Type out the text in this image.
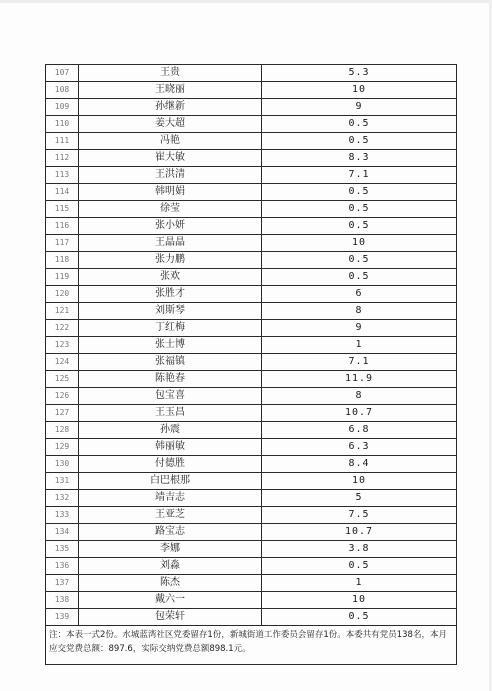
107	王贵	5.3
108	王晓丽	10
109	孙继新	9
110	姜大超	0.5
111	冯艳	0.5
112	崔大敏	8.3
113	王洪清	7.1
114	韩明娟	0.5
115	徐莹	0.5
116	张小妍	0.5
117	王晶晶	10
118	张力鹏	0.5
119	张欢	0.5
120	张胜才	6
121	刘斯琴	8
122	丁红梅	9
123	张士博	1
124	张福镇	7.1
125	陈艳春	11.9
126	包宝喜	8
127	王玉昌	10.7
128	孙震	6.8
129	韩丽敏	6.3
130	付德胜	8.4
131	白巴根那	10
132	靖吉志	5
133	王亚芝	7.5
134	路宝志	10.7
135	李娜	3.8
136	刘淼	0.5
137	陈杰	1
138	戴六一	10
139	包荣轩	0.5
注：本表一式2份。水城蓝湾社区党委留存1份，新城街道工作委员会留存1份。本委共有党员138名，本月应交党费总额：897.6，实际交纳党费总额898.1元。		
